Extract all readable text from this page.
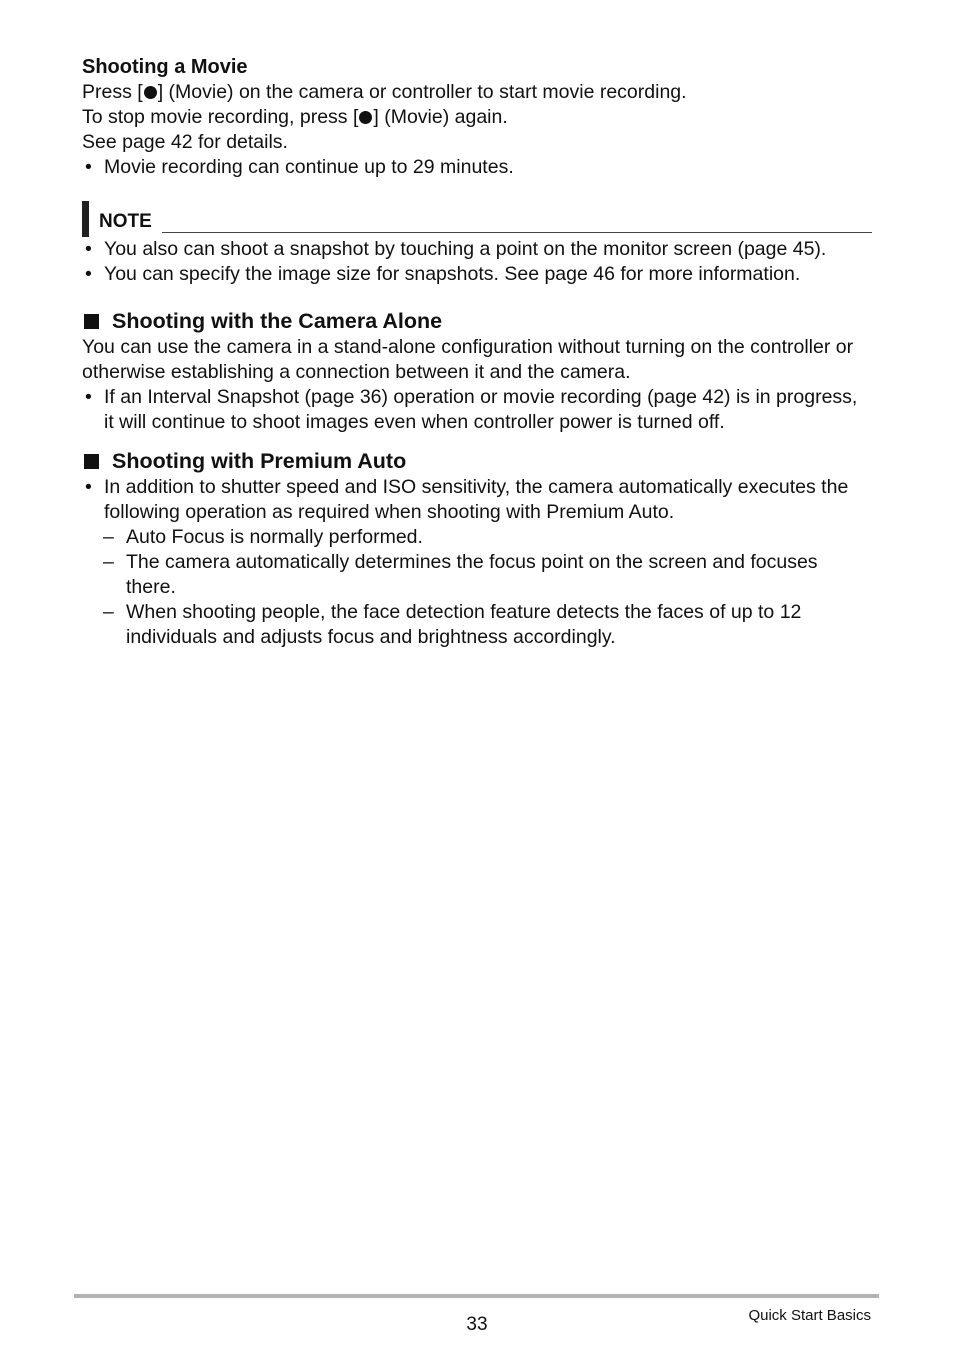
Shooting a Movie

Press [ ] (Movie) on the camera or controller to start movie recording.

To stop movie recording, press [ ] (Movie) again.

See page 42 for details.

• Movie recording can continue up to 29 minutes.
NOTE
• You also can shoot a snapshot by touching a point on the monitor screen (page 45).
• You can specify the image size for snapshots. See page 46 for more information.
Shooting with the Camera Alone

You can use the camera in a stand-alone configuration without turning on the controller or otherwise establishing a connection between it and the camera.

• If an Interval Snapshot (page 36) operation or movie recording (page 42) is in progress, it will continue to shoot images even when controller power is turned off.
Shooting with Premium Auto
• In addition to shutter speed and ISO sensitivity, the camera automatically executes the following operation as required when shooting with Premium Auto.
– Auto Focus is normally performed.
– The camera automatically determines the focus point on the screen and focuses there.
– When shooting people, the face detection feature detects the faces of up to 12 individuals and adjusts focus and brightness accordingly.
33	Quick Start Basics
